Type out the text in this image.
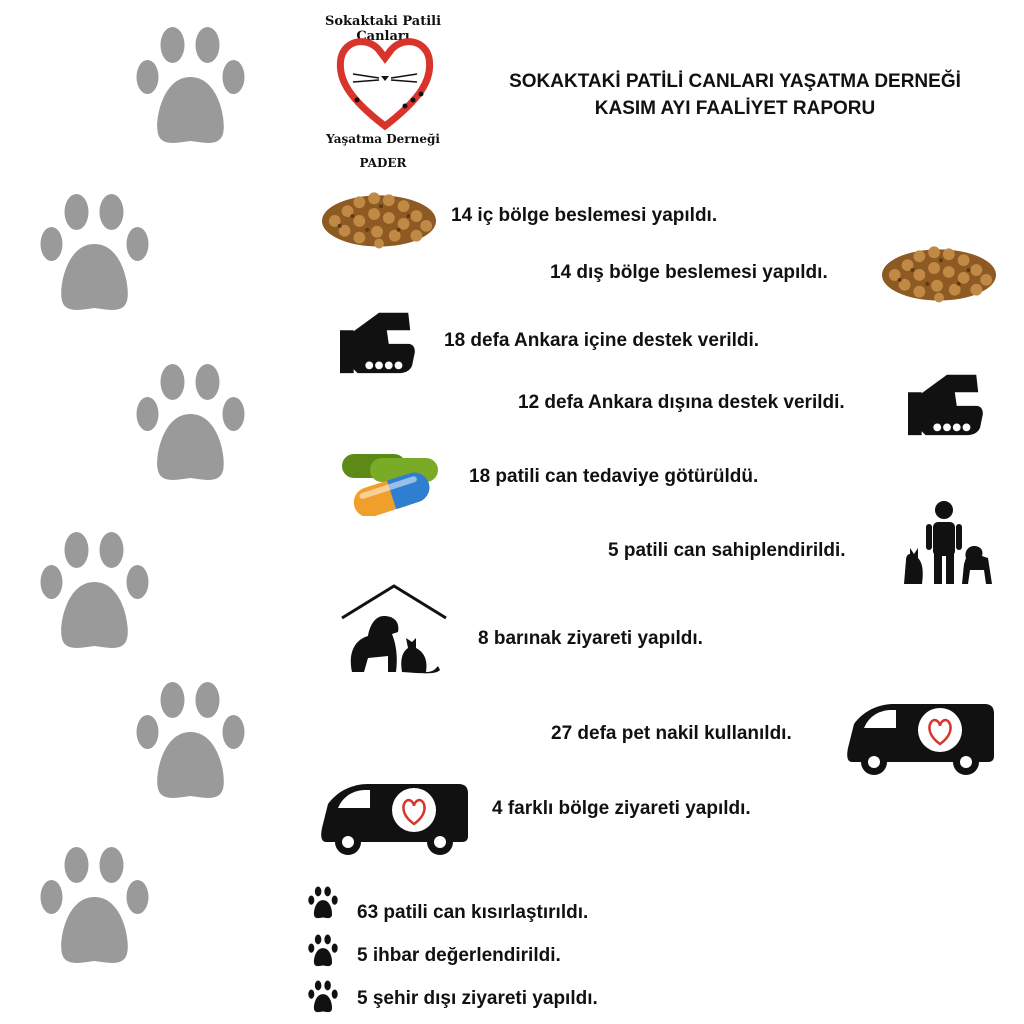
Sokaktaki Patili Canları
Yaşatma Derneği
PADER
SOKAKTAKİ PATİLİ CANLARI YAŞATMA DERNEĞİ
KASIM AYI FAALİYET RAPORU
14 iç bölge beslemesi yapıldı.
14 dış bölge beslemesi yapıldı.
18 defa Ankara içine destek verildi.
12 defa Ankara dışına destek verildi.
18 patili can tedaviye götürüldü.
5 patili can sahiplendirildi.
8 barınak ziyareti yapıldı.
27 defa pet nakil kullanıldı.
4 farklı bölge ziyareti yapıldı.
63 patili can kısırlaştırıldı.
5 ihbar değerlendirildi.
5 şehir dışı ziyareti yapıldı.
